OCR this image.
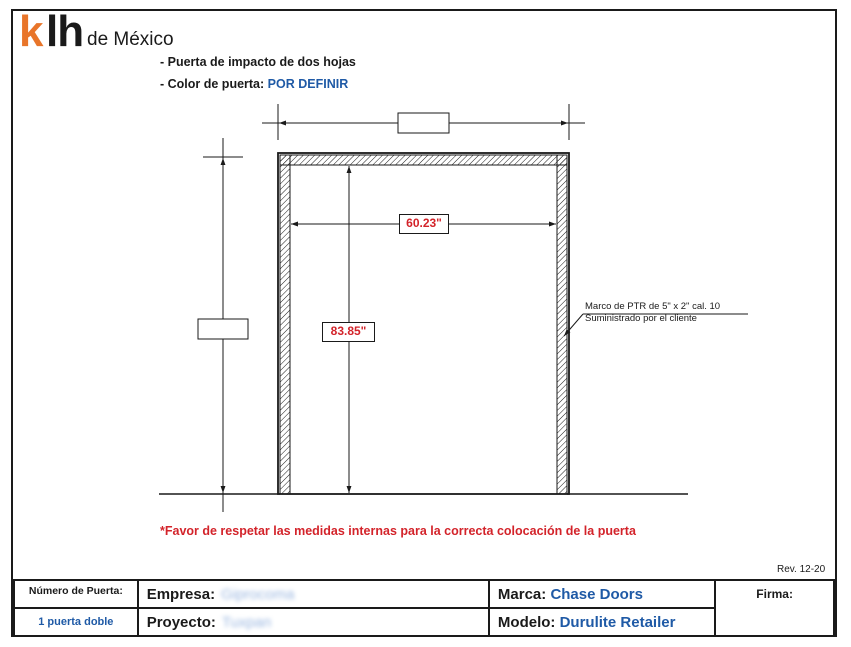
k lh de México
- Puerta de impacto de dos hojas
- Color de puerta: POR DEFINIR
60.23"
83.85"
Marco de PTR de 5" x 2" cal. 10
Suministrado por el cliente
*Favor de respetar las medidas internas para la correcta colocación de la puerta
Rev. 12-20
Número de Puerta:	Empresa: Giprocoma	Marca: Chase Doors	Firma:
1 puerta doble	Proyecto: Tuxpan	Modelo: Durulite Retailer	
